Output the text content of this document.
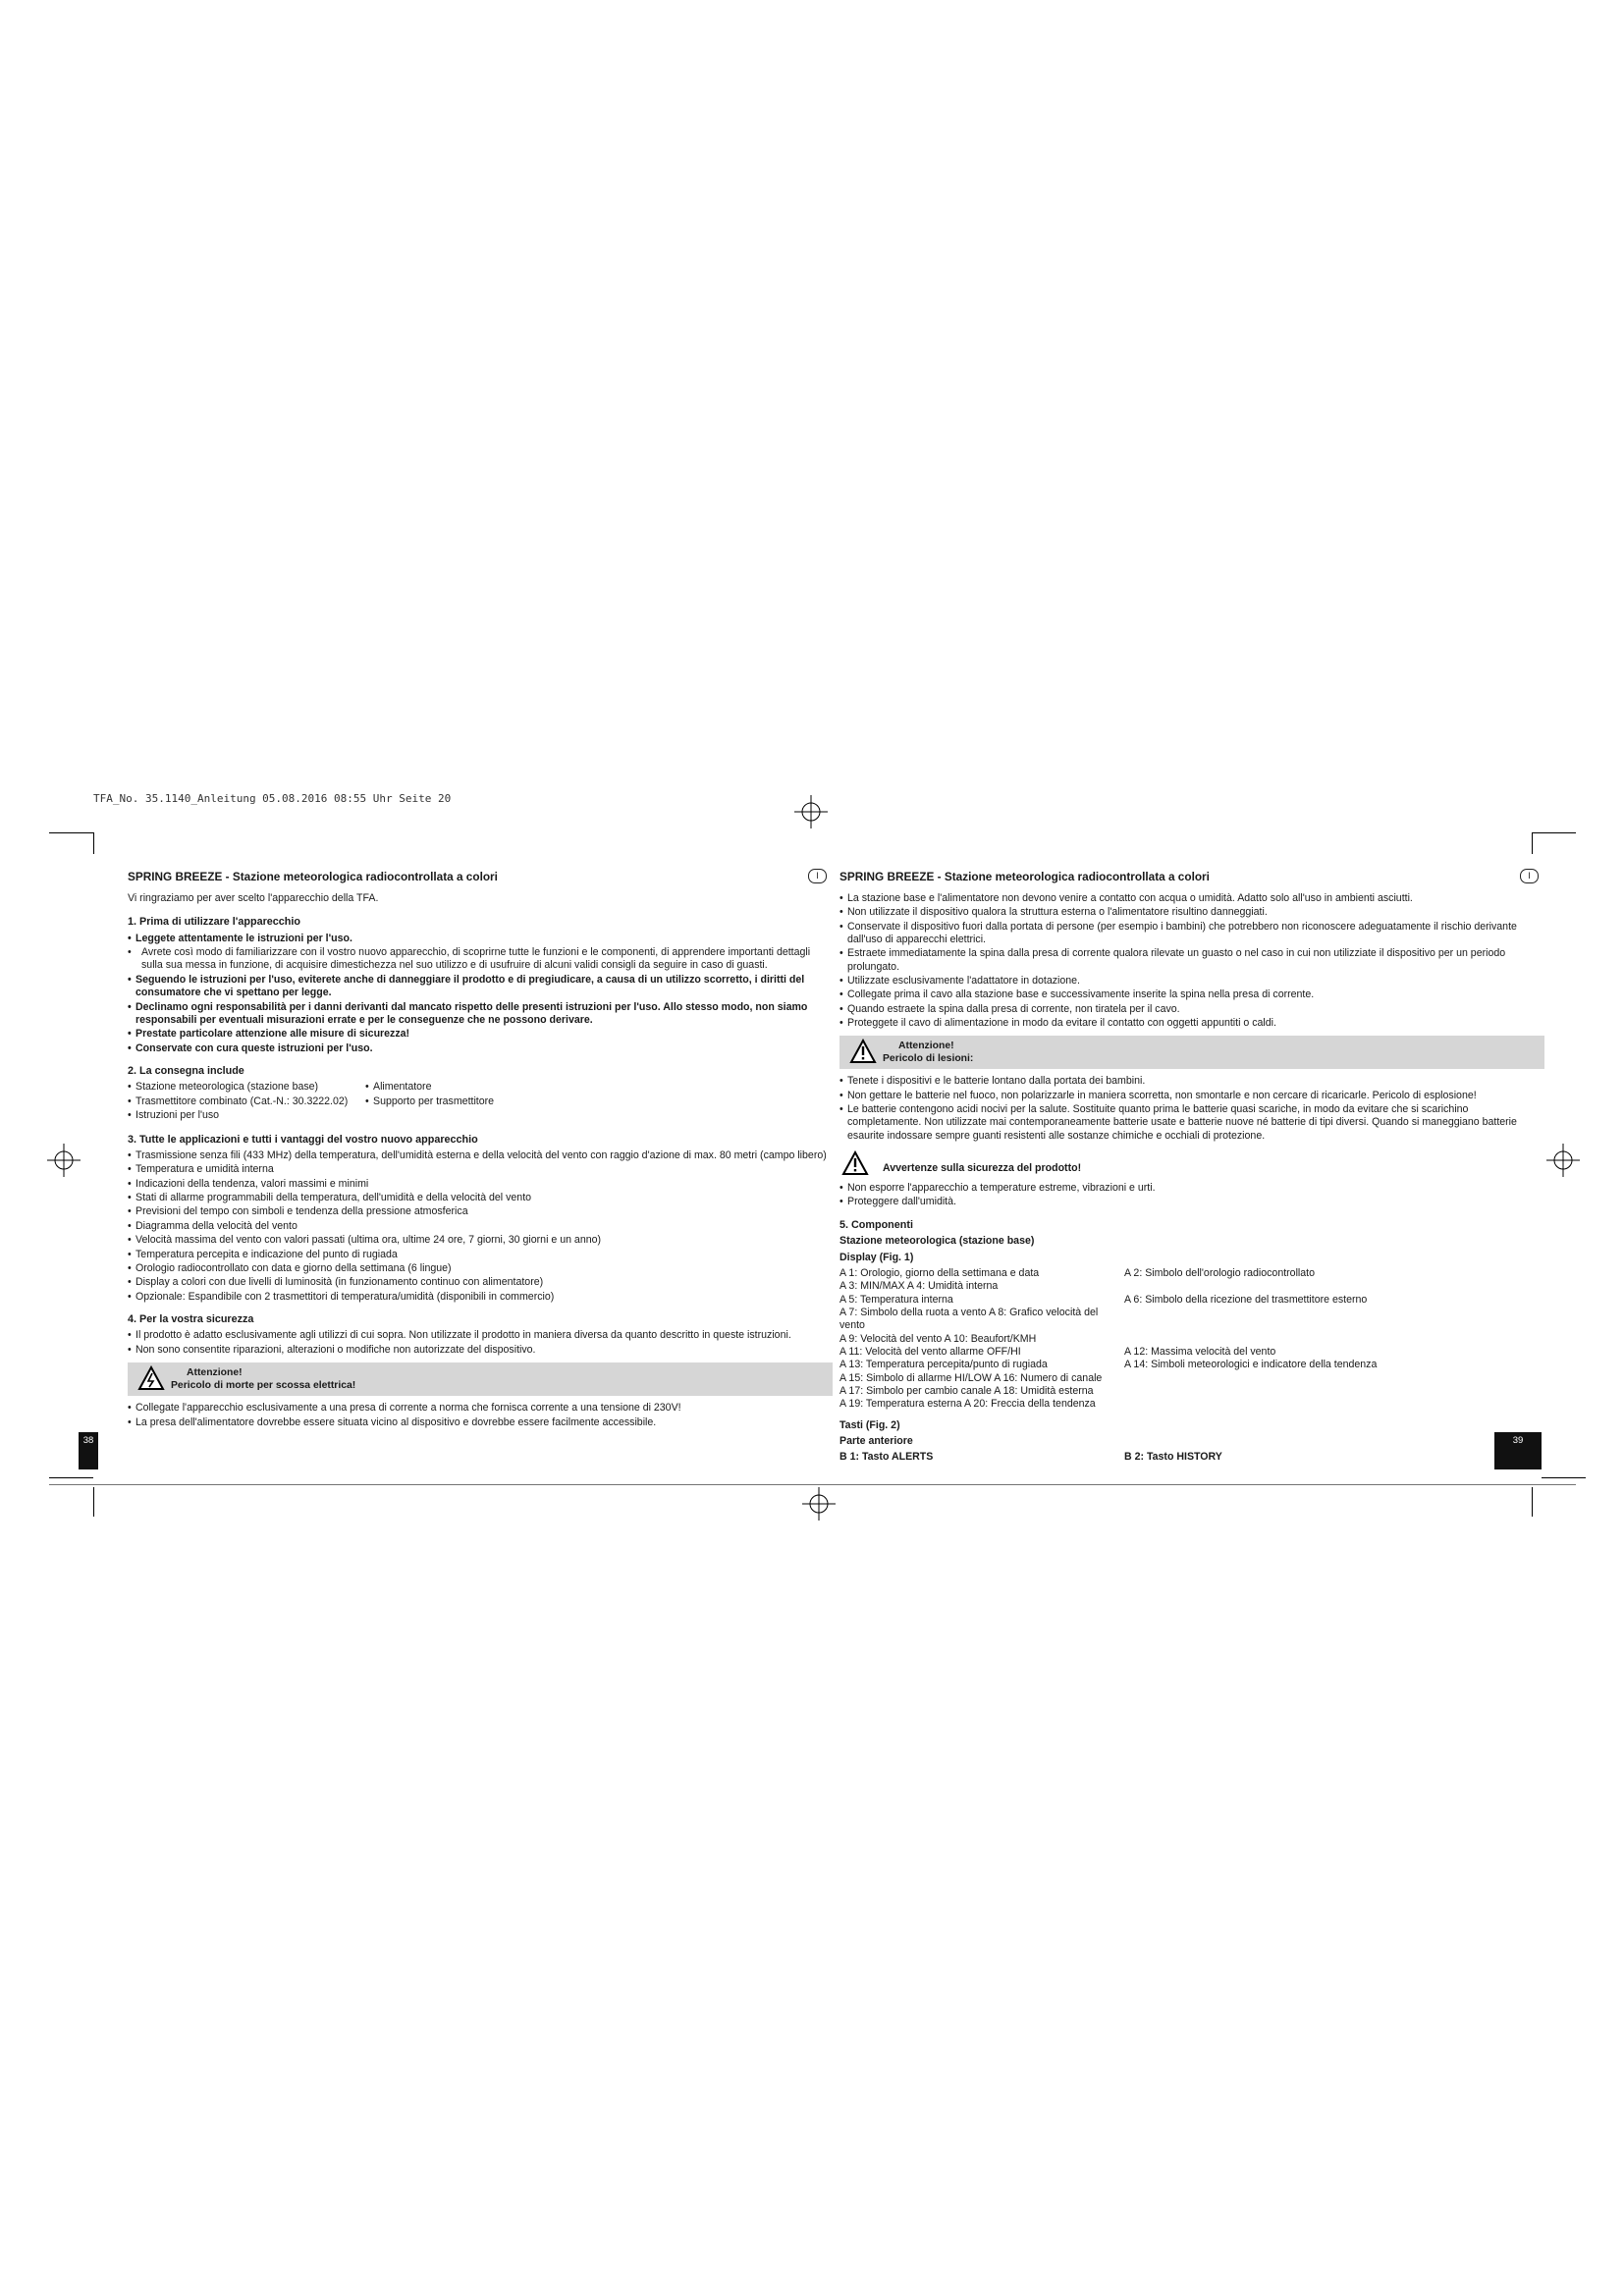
TFA_No. 35.1140_Anleitung 05.08.2016 08:55 Uhr Seite 20
SPRING BREEZE - Stazione meteorologica radiocontrollata a colori	I
Vi ringraziamo per aver scelto l'apparecchio della TFA.
1. Prima di utilizzare l'apparecchio
• Leggete attentamente le istruzioni per l'uso.
• Avrete così modo di familiarizzare con il vostro nuovo apparecchio, di scoprirne tutte le funzioni e le componenti, di apprendere importanti dettagli sulla sua messa in funzione, di acquisire dimestichezza nel suo utilizzo e di usufruire di alcuni validi consigli da seguire in caso di guasti.
• Seguendo le istruzioni per l'uso, eviterete anche di danneggiare il prodotto e di pregiudicare, a causa di un utilizzo scorretto, i diritti del consumatore che vi spettano per legge.
• Declinamo ogni responsabilità per i danni derivanti dal mancato rispetto delle presenti istruzioni per l'uso. Allo stesso modo, non siamo responsabili per eventuali misurazioni errate e per le conseguenze che ne possono derivare.
• Prestate particolare attenzione alle misure di sicurezza!
• Conservate con cura queste istruzioni per l'uso.
2. La consegna include
• Stazione meteorologica (stazione base)
• Trasmettitore combinato (Cat.-N.: 30.3222.02)
• Istruzioni per l'uso
• Alimentatore
• Supporto per trasmettitore
3. Tutte le applicazioni e tutti i vantaggi del vostro nuovo apparecchio
• Trasmissione senza fili (433 MHz) della temperatura, dell'umidità esterna e della velocità del vento con raggio d'azione di max. 80 metri (campo libero)
• Temperatura e umidità interna
• Indicazioni della tendenza, valori massimi e minimi
• Stati di allarme programmabili della temperatura, dell'umidità e della velocità del vento
• Previsioni del tempo con simboli e tendenza della pressione atmosferica
• Diagramma della velocità del vento
• Velocità massima del vento con valori passati (ultima ora, ultime 24 ore, 7 giorni, 30 giorni e un anno)
• Temperatura percepita e indicazione del punto di rugiada
• Orologio radiocontrollato con data e giorno della settimana (6 lingue)
• Display a colori con due livelli di luminosità (in funzionamento continuo con alimentatore)
• Opzionale: Espandibile con 2 trasmettitori di temperatura/umidità (disponibili in commercio)
4. Per la vostra sicurezza
• Il prodotto è adatto esclusivamente agli utilizzi di cui sopra. Non utilizzate il prodotto in maniera diversa da quanto descritto in queste istruzioni.
• Non sono consentite riparazioni, alterazioni o modifiche non autorizzate del dispositivo.
Attenzione!
Pericolo di morte per scossa elettrica!
• Collegate l'apparecchio esclusivamente a una presa di corrente a norma che fornisca corrente a una tensione di 230V!
• La presa dell'alimentatore dovrebbe essere situata vicino al dispositivo e dovrebbe essere facilmente accessibile.
SPRING BREEZE - Stazione meteorologica radiocontrollata a colori	I
• La stazione base e l'alimentatore non devono venire a contatto con acqua o umidità. Adatto solo all'uso in ambienti asciutti.
• Non utilizzate il dispositivo qualora la struttura esterna o l'alimentatore risultino danneggiati.
• Conservate il dispositivo fuori dalla portata di persone (per esempio i bambini) che potrebbero non riconoscere adeguatamente il rischio derivante dall'uso di apparecchi elettrici.
• Estraete immediatamente la spina dalla presa di corrente qualora rilevate un guasto o nel caso in cui non utilizziate il dispositivo per un periodo prolungato.
• Utilizzate esclusivamente l'adattatore in dotazione.
• Collegate prima il cavo alla stazione base e successivamente inserite la spina nella presa di corrente.
• Quando estraete la spina dalla presa di corrente, non tiratela per il cavo.
• Proteggete il cavo di alimentazione in modo da evitare il contatto con oggetti appuntiti o caldi.
Attenzione!
Pericolo di lesioni:
• Tenete i dispositivi e le batterie lontano dalla portata dei bambini.
• Non gettare le batterie nel fuoco, non polarizzarle in maniera scorretta, non smontarle e non cercare di ricaricarle. Pericolo di esplosione!
• Le batterie contengono acidi nocivi per la salute. Sostituite quanto prima le batterie quasi scariche, in modo da evitare che si scarichino completamente. Non utilizzate mai contemporaneamente batterie usate e batterie nuove né batterie di tipi diversi. Quando si maneggiano batterie esaurite indossare sempre guanti resistenti alle sostanze chimiche e occhiali di protezione.
Avvertenze sulla sicurezza del prodotto!
• Non esporre l'apparecchio a temperature estreme, vibrazioni e urti.
• Proteggere dall'umidità.
5. Componenti
Stazione meteorologica (stazione base)
Display (Fig. 1)
A 1: Orologio, giorno della settimana e data	A 2: Simbolo dell'orologio radiocontrollato
A 3: MIN/MAX A 4: Umidità interna
A 5: Temperatura interna	A 6: Simbolo della ricezione del trasmettitore esterno
A 7: Simbolo della ruota a vento A 8: Grafico velocità del vento
A 9: Velocità del vento A 10: Beaufort/KMH
A 11: Velocità del vento allarme OFF/HI	A 12: Massima velocità del vento
A 13: Temperatura percepita/punto di rugiada	A 14: Simboli meteorologici e indicatore della tendenza
A 15: Simbolo di allarme HI/LOW A 16: Numero di canale
A 17: Simbolo per cambio canale A 18: Umidità esterna
A 19: Temperatura esterna A 20: Freccia della tendenza
Tasti (Fig. 2)
Parte anteriore
B 1: Tasto ALERTS	B 2: Tasto HISTORY
38	39
